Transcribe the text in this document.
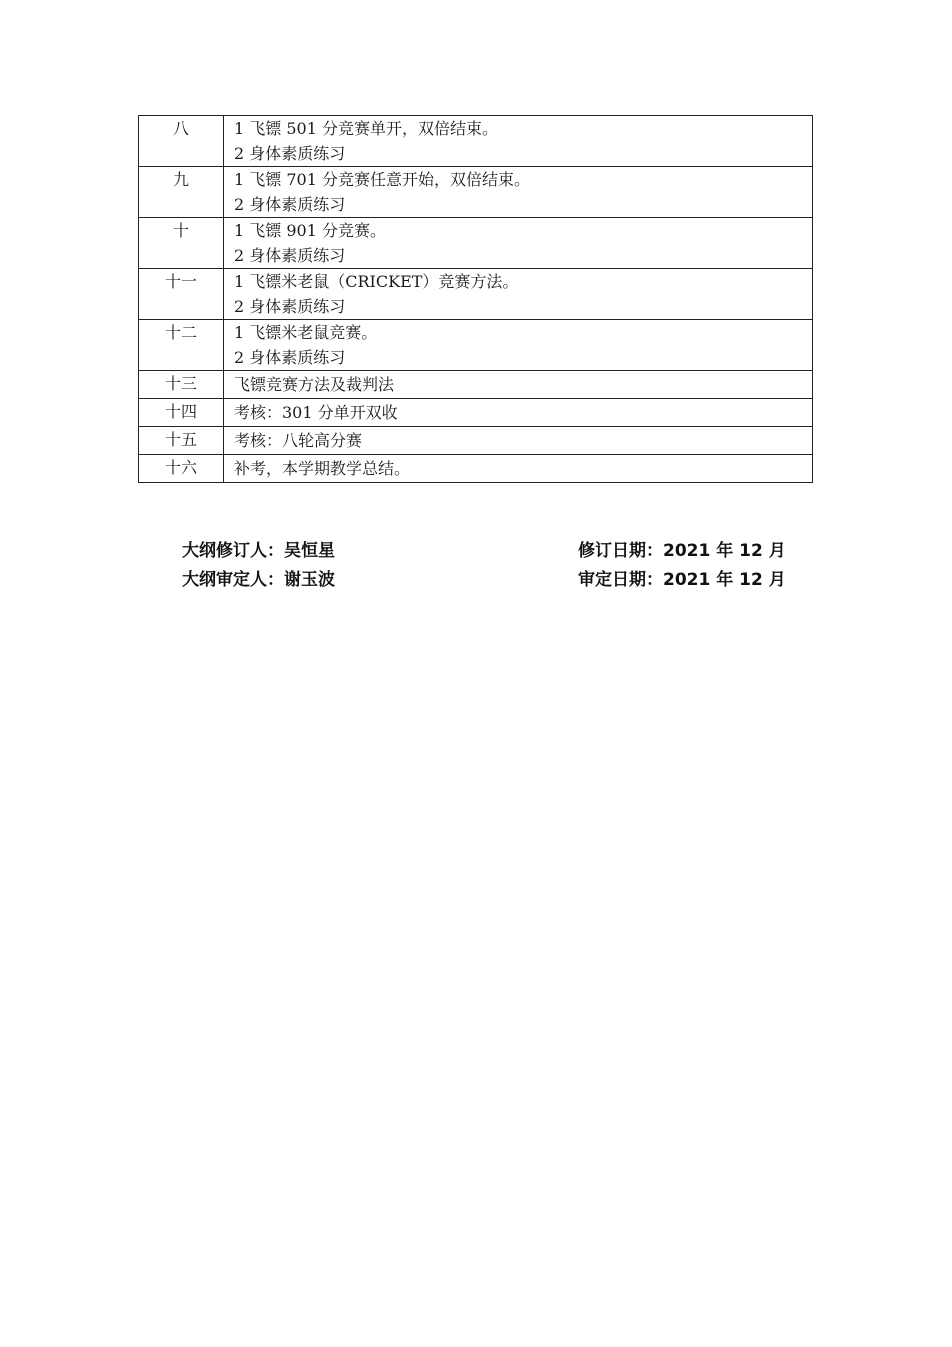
八	1 飞镖 501 分竞赛单开，双倍结束。
2 身体素质练习

九	1 飞镖 701 分竞赛任意开始，双倍结束。
2 身体素质练习

十	1 飞镖 901 分竞赛。
2 身体素质练习

十一	1 飞镖米老鼠（CRICKET）竞赛方法。
2 身体素质练习

十二	1 飞镖米老鼠竞赛。
2 身体素质练习

十三	飞镖竞赛方法及裁判法

十四	考核：301 分单开双收

十五	考核：八轮高分赛

十六	补考，本学期教学总结。
大纲修订人：吴恒星	修订日期：2021 年 12 月
大纲审定人：谢玉波	审定日期：2021 年 12 月
